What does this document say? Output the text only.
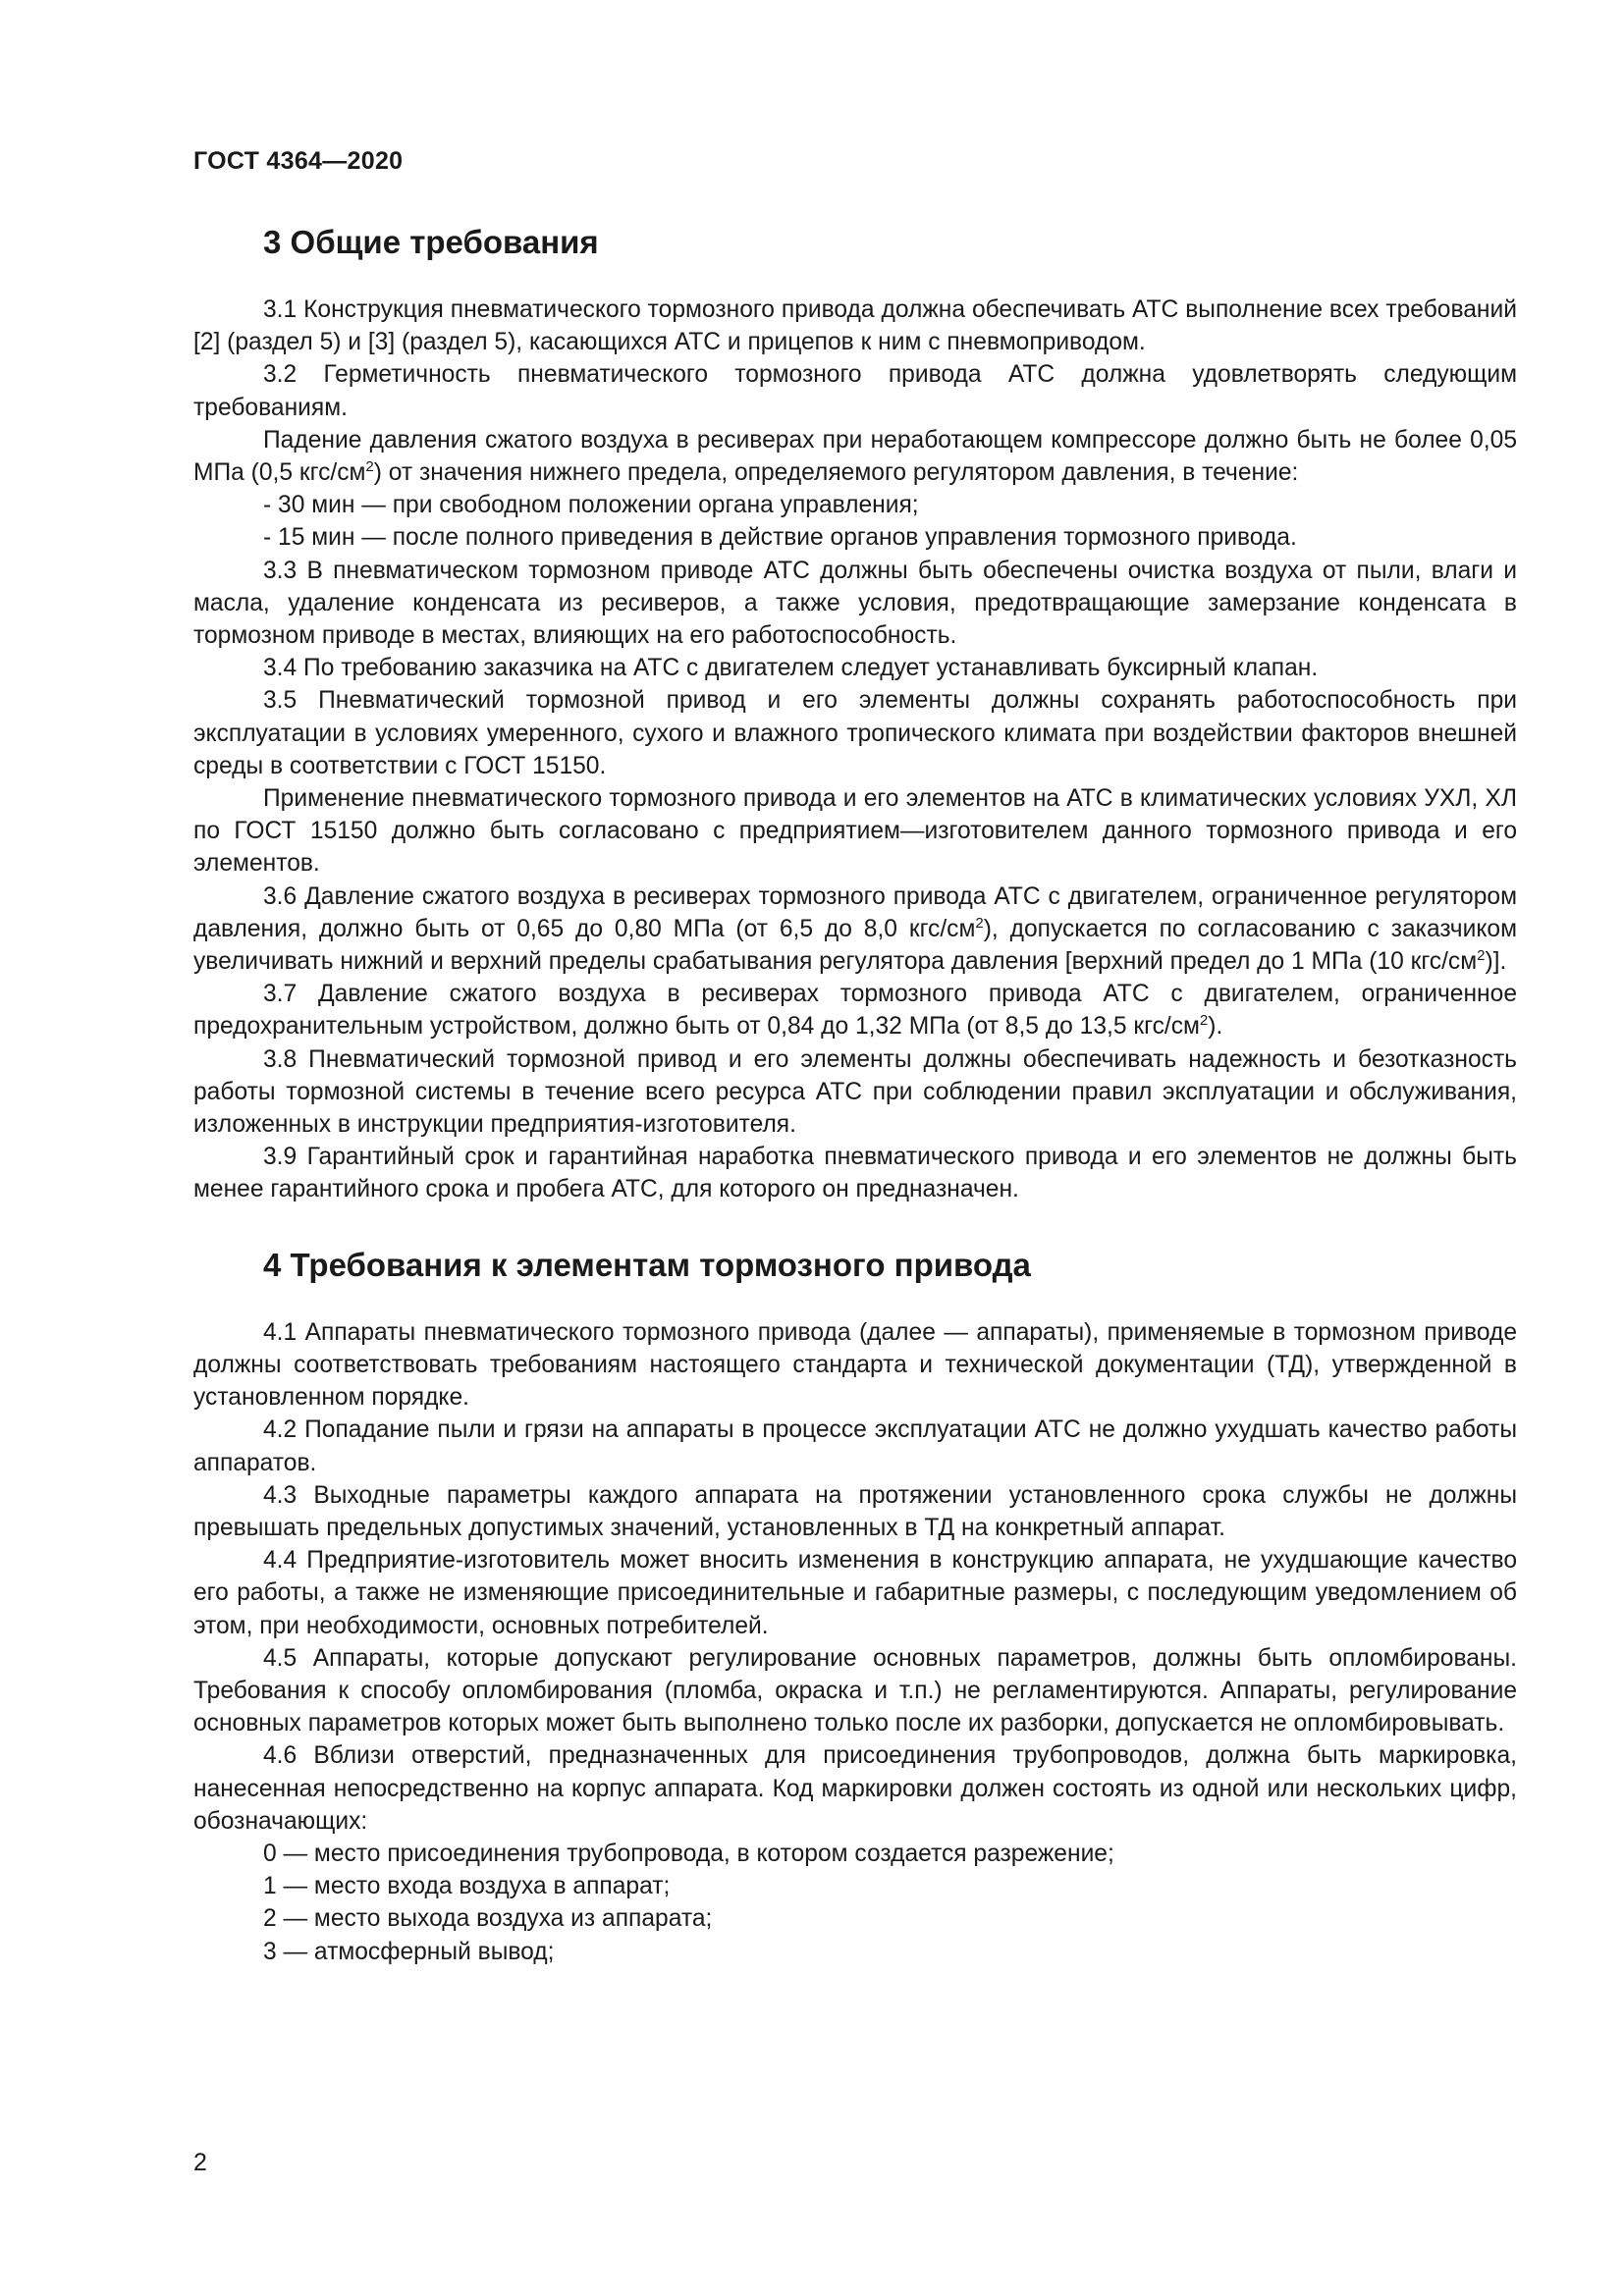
ГОСТ 4364—2020
3 Общие требования

3.1 Конструкция пневматического тормозного привода должна обеспечивать АТС выполнение всех требований [2] (раздел 5) и [3] (раздел 5), касающихся АТС и прицепов к ним с пневмоприводом.

3.2 Герметичность пневматического тормозного привода АТС должна удовлетворять следующим требованиям.

Падение давления сжатого воздуха в ресиверах при неработающем компрессоре должно быть не более 0,05 МПа (0,5 кгс/$см^2$) от значения нижнего предела, определяемого регулятором давления, в течение:

- 30 мин — при свободном положении органа управления;

- 15 мин — после полного приведения в действие органов управления тормозного привода.

3.3 В пневматическом тормозном приводе АТС должны быть обеспечены очистка воздуха от пыли, влаги и масла, удаление конденсата из ресиверов, а также условия, предотвращающие замерзание конденсата в тормозном приводе в местах, влияющих на его работоспособность.

3.4 По требованию заказчика на АТС с двигателем следует устанавливать буксирный клапан.

3.5 Пневматический тормозной привод и его элементы должны сохранять работоспособность при эксплуатации в условиях умеренного, сухого и влажного тропического климата при воздействии факторов внешней среды в соответствии с ГОСТ 15150.

Применение пневматического тормозного привода и его элементов на АТС в климатических условиях УХЛ, ХЛ по ГОСТ 15150 должно быть согласовано с предприятием—изготовителем данного тормозного привода и его элементов.

3.6 Давление сжатого воздуха в ресиверах тормозного привода АТС с двигателем, ограниченное регулятором давления, должно быть от 0,65 до 0,80 МПа (от 6,5 до 8,0 кгс/$см^2$), допускается по согласованию с заказчиком увеличивать нижний и верхний пределы срабатывания регулятора давления [верхний предел до 1 МПа (10 кгс/$см^2$)].

3.7 Давление сжатого воздуха в ресиверах тормозного привода АТС с двигателем, ограниченное предохранительным устройством, должно быть от 0,84 до 1,32 МПа (от 8,5 до 13,5 кгс/$см^2$).

3.8 Пневматический тормозной привод и его элементы должны обеспечивать надежность и безотказность работы тормозной системы в течение всего ресурса АТС при соблюдении правил эксплуатации и обслуживания, изложенных в инструкции предприятия-изготовителя.

3.9 Гарантийный срок и гарантийная наработка пневматического привода и его элементов не должны быть менее гарантийного срока и пробега АТС, для которого он предназначен.

4 Требования к элементам тормозного привода

4.1 Аппараты пневматического тормозного привода (далее — аппараты), применяемые в тормозном приводе должны соответствовать требованиям настоящего стандарта и технической документации (ТД), утвержденной в установленном порядке.

4.2 Попадание пыли и грязи на аппараты в процессе эксплуатации АТС не должно ухудшать качество работы аппаратов.

4.3 Выходные параметры каждого аппарата на протяжении установленного срока службы не должны превышать предельных допустимых значений, установленных в ТД на конкретный аппарат.

4.4 Предприятие-изготовитель может вносить изменения в конструкцию аппарата, не ухудшающие качество его работы, а также не изменяющие присоединительные и габаритные размеры, с последующим уведомлением об этом, при необходимости, основных потребителей.

4.5 Аппараты, которые допускают регулирование основных параметров, должны быть опломбированы. Требования к способу опломбирования (пломба, окраска и т.п.) не регламентируются. Аппараты, регулирование основных параметров которых может быть выполнено только после их разборки, допускается не опломбировывать.

4.6 Вблизи отверстий, предназначенных для присоединения трубопроводов, должна быть маркировка, нанесенная непосредственно на корпус аппарата. Код маркировки должен состоять из одной или нескольких цифр, обозначающих:

0 — место присоединения трубопровода, в котором создается разрежение;

1 — место входа воздуха в аппарат;

2 — место выхода воздуха из аппарата;

3 — атмосферный вывод;

2
